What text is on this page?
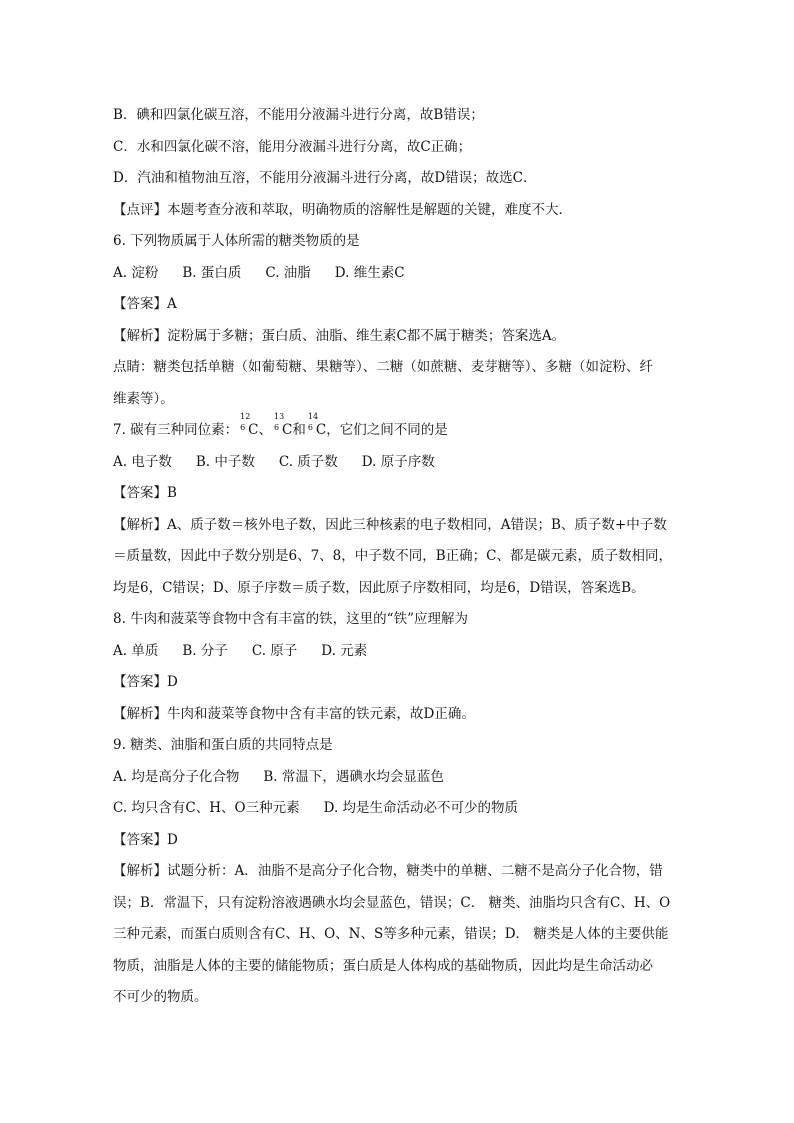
B．碘和四氯化碳互溶，不能用分液漏斗进行分离，故B错误；
C．水和四氯化碳不溶，能用分液漏斗进行分离，故C正确；
D．汽油和植物油互溶，不能用分液漏斗进行分离，故D错误；故选C．
【点评】本题考查分液和萃取，明确物质的溶解性是解题的关键，难度不大．
6. 下列物质属于人体所需的糖类物质的是
A. 淀粉 B. 蛋白质 C. 油脂 D. 维生素C
【答案】A
【解析】淀粉属于多糖；蛋白质、油脂、维生素C都不属于糖类；答案选A。
点睛：糖类包括单糖（如葡萄糖、果糖等）、二糖（如蔗糖、麦芽糖等）、多糖（如淀粉、纤
维素等）。
7. 碳有三种同位素：
12
6 C、
13
6 C和
14
6 C，它们之间不同的是
A. 电子数 B. 中子数 C. 质子数 D. 原子序数
【答案】B
【解析】A、质子数＝核外电子数，因此三种核素的电子数相同，A错误；B、质子数+中子数
＝质量数，因此中子数分别是6、7、8，中子数不同，B正确；C、都是碳元素，质子数相同，
均是6，C错误；D、原子序数＝质子数，因此原子序数相同，均是6，D错误，答案选B。
8. 牛肉和菠菜等食物中含有丰富的铁，这里的“铁”应理解为
A. 单质 B. 分子 C. 原子 D. 元素
【答案】D
【解析】牛肉和菠菜等食物中含有丰富的铁元素，故D正确。
9. 糖类、油脂和蛋白质的共同特点是
A. 均是高分子化合物 B. 常温下，遇碘水均会显蓝色
C. 均只含有C、H、O三种元素 D. 均是生命活动必不可少的物质
【答案】D
【解析】试题分析：A．油脂不是高分子化合物，糖类中的单糖、二糖不是高分子化合物，错
误；B．常温下，只有淀粉溶液遇碘水均会显蓝色，错误；C． 糖类、油脂均只含有C、H、O
三种元素，而蛋白质则含有C、H、O、N、S等多种元素，错误；D． 糖类是人体的主要供能
物质，油脂是人体的主要的储能物质；蛋白质是人体构成的基础物质，因此均是生命活动必
不可少的物质。
